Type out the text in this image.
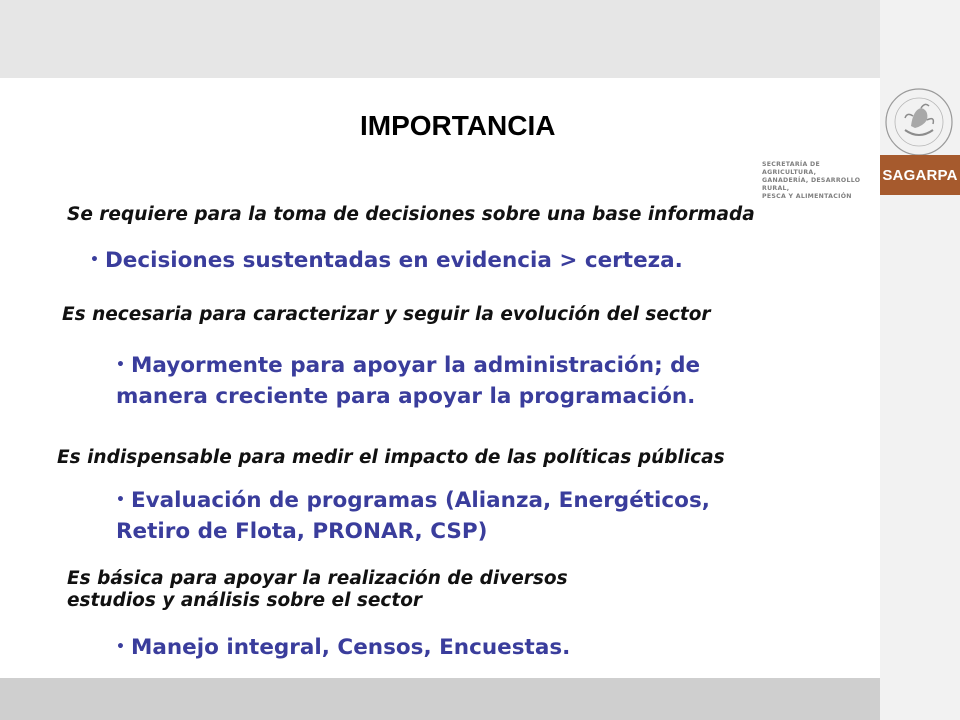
SECRETARÍA DE AGRICULTURA,
GANADERÍA, DESARROLLO RURAL,
PESCA Y ALIMENTACIÓN
SAGARPA
IMPORTANCIA
Se requiere para la toma de decisiones sobre una base informada
• Decisiones sustentadas en evidencia > certeza.
Es necesaria para caracterizar y seguir la evolución del sector
• Mayormente para apoyar la administración; de
manera creciente para apoyar la programación.
Es indispensable para medir el impacto de las políticas públicas
• Evaluación de programas (Alianza, Energéticos,
Retiro de Flota, PRONAR, CSP)
Es básica para apoyar la realización de diversos
estudios y análisis sobre el sector
• Manejo integral, Censos, Encuestas.
